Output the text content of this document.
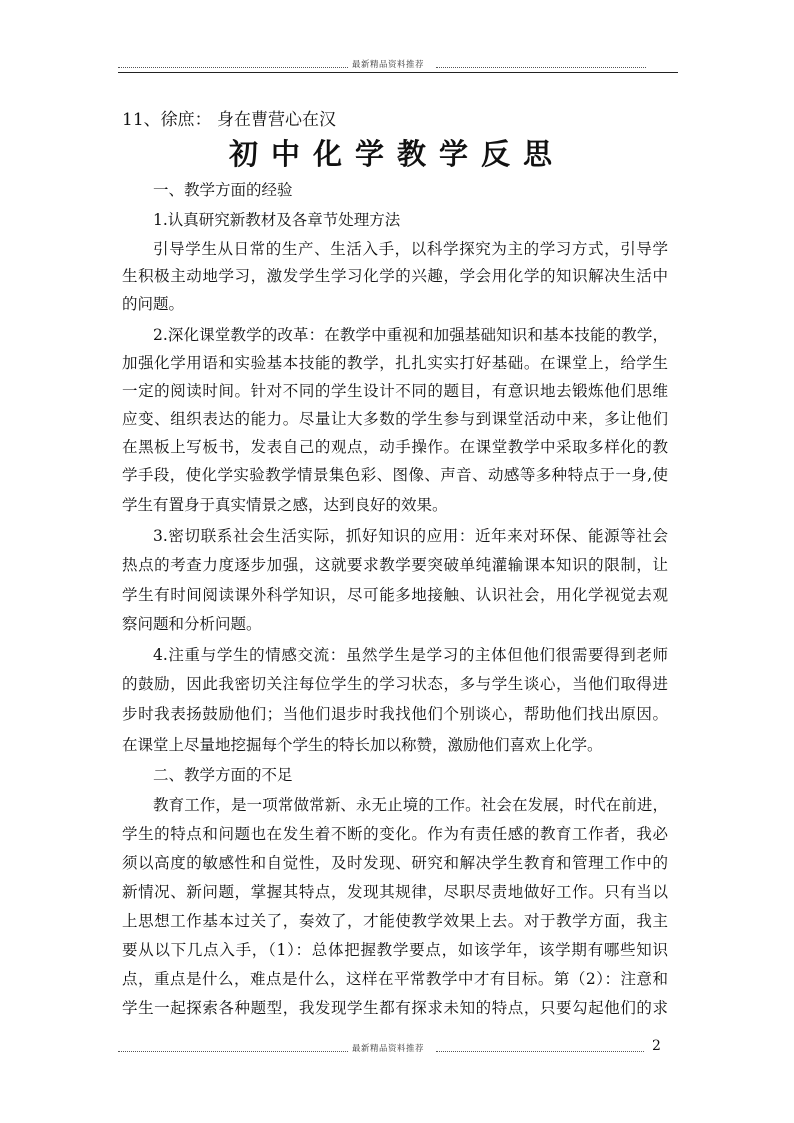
最新精品资料推荐
11、徐庶： 身在曹营心在汉
初中化学教学反思
一、教学方面的经验
1.认真研究新教材及各章节处理方法
引导学生从日常的生产、生活入手，以科学探究为主的学习方式，引导学
生积极主动地学习，激发学生学习化学的兴趣，学会用化学的知识解决生活中
的问题。
2.深化课堂教学的改革：在教学中重视和加强基础知识和基本技能的教学，
加强化学用语和实验基本技能的教学，扎扎实实打好基础。在课堂上，给学生
一定的阅读时间。针对不同的学生设计不同的题目，有意识地去锻炼他们思维
应变、组织表达的能力。尽量让大多数的学生参与到课堂活动中来，多让他们
在黑板上写板书，发表自己的观点，动手操作。在课堂教学中采取多样化的教
学手段，使化学实验教学情景集色彩、图像、声音、动感等多种特点于一身,使
学生有置身于真实情景之感，达到良好的效果。
3.密切联系社会生活实际，抓好知识的应用：近年来对环保、能源等社会
热点的考查力度逐步加强，这就要求教学要突破单纯灌输课本知识的限制，让
学生有时间阅读课外科学知识，尽可能多地接触、认识社会，用化学视觉去观
察问题和分析问题。
4.注重与学生的情感交流：虽然学生是学习的主体但他们很需要得到老师
的鼓励，因此我密切关注每位学生的学习状态，多与学生谈心，当他们取得进
步时我表扬鼓励他们；当他们退步时我找他们个别谈心，帮助他们找出原因。
在课堂上尽量地挖掘每个学生的特长加以称赞，激励他们喜欢上化学。
二、教学方面的不足
教育工作，是一项常做常新、永无止境的工作。社会在发展，时代在前进，
学生的特点和问题也在发生着不断的变化。作为有责任感的教育工作者，我必
须以高度的敏感性和自觉性，及时发现、研究和解决学生教育和管理工作中的
新情况、新问题，掌握其特点，发现其规律，尽职尽责地做好工作。只有当以
上思想工作基本过关了，奏效了，才能使教学效果上去。对于教学方面，我主
要从以下几点入手，（1）：总体把握教学要点，如该学年，该学期有哪些知识
点，重点是什么，难点是什么，这样在平常教学中才有目标。第（2）：注意和
学生一起探索各种题型，我发现学生都有探求未知的特点，只要勾起他们的求
最新精品资料推荐	2
